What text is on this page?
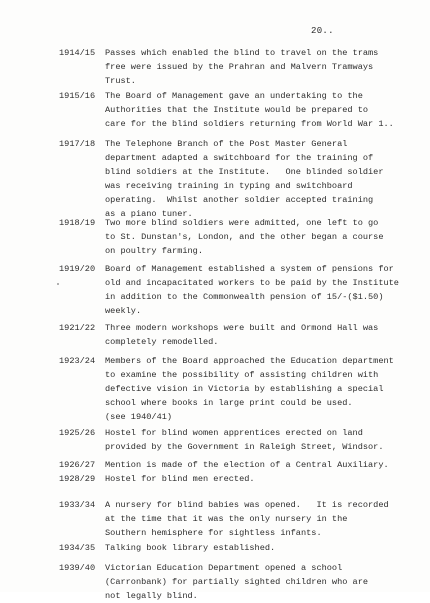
20..
1914/15 Passes which enabled the blind to travel on the trams
free were issued by the Prahran and Malvern Tramways
Trust.
1915/16 The Board of Management gave an undertaking to the
Authorities that the Institute would be prepared to
care for the blind soldiers returning from World War 1..
1917/18 The Telephone Branch of the Post Master General
department adapted a switchboard for the training of
blind soldiers at the Institute.   One blinded soldier
was receiving training in typing and switchboard
operating.  Whilst another soldier accepted training
as a piano tuner.
1918/19 Two more blind soldiers were admitted, one left to go
to St. Dunstan's, London, and the other began a course
on poultry farming.
1919/20 Board of Management established a system of pensions for
old and incapacitated workers to be paid by the Institute
in addition to the Commonwealth pension of 15/-($1.50)
weekly.
1921/22 Three modern workshops were built and Ormond Hall was
completely remodelled.
1923/24 Members of the Board approached the Education department
to examine the possibility of assisting children with
defective vision in Victoria by establishing a special
school where books in large print could be used.
(see 1940/41)
1925/26 Hostel for blind women apprentices erected on land
provided by the Government in Raleigh Street, Windsor.
1926/27 Mention is made of the election of a Central Auxiliary.
1928/29 Hostel for blind men erected.
1933/34 A nursery for blind babies was opened.   It is recorded
at the time that it was the only nursery in the
Southern hemisphere for sightless infants.
1934/35 Talking book library established.
1939/40 Victorian Education Department opened a school
(Carronbank) for partially sighted children who are
not legally blind.
